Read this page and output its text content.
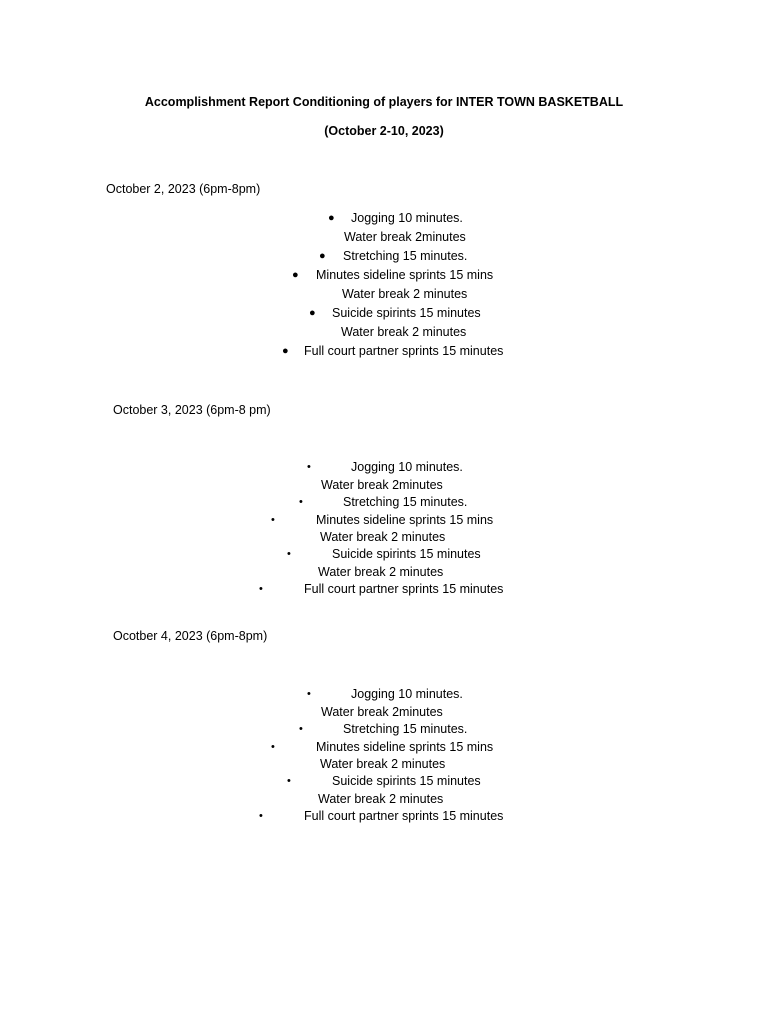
Accomplishment Report Conditioning of players for INTER TOWN BASKETBALL
(October 2-10, 2023)
October 2, 2023 (6pm-8pm)
● Jogging 10 minutes.
Water break 2minutes
● Stretching 15 minutes.
● Minutes sideline sprints 15 mins
Water break 2 minutes
● Suicide spirints 15 minutes
Water break 2 minutes
● Full court partner sprints 15 minutes
October 3, 2023 (6pm-8 pm)
•	Jogging 10 minutes.
Water break 2minutes
•	Stretching 15 minutes.
•	Minutes sideline sprints 15 mins
Water break 2 minutes
•	Suicide spirints 15 minutes
Water break 2 minutes
•	Full court partner sprints 15 minutes
Ocotber 4, 2023 (6pm-8pm)
•	Jogging 10 minutes.
Water break 2minutes
•	Stretching 15 minutes.
•	Minutes sideline sprints 15 mins
Water break 2 minutes
•	Suicide spirints 15 minutes
Water break 2 minutes
•	Full court partner sprints 15 minutes
